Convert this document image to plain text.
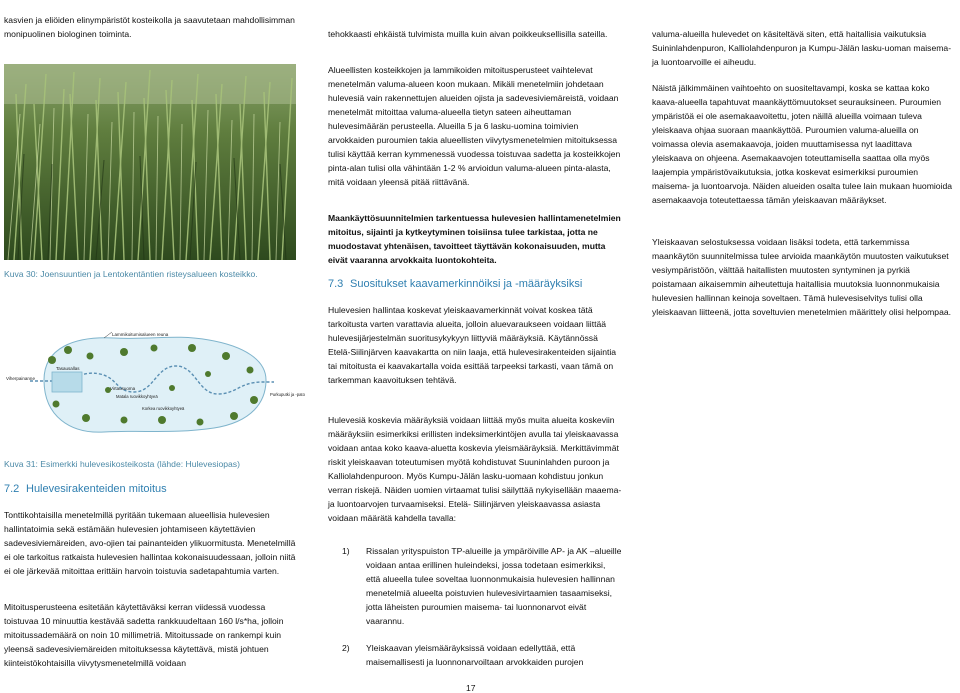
kasvien ja eliöiden elinympäristöt kosteikolla ja saavutetaan mahdollisimman monipuolinen biologinen toiminta.

Kuva 30: Joensuuntien ja Lentokentäntien risteysalueen kosteikko.
Lammikoitumisalueen reuna
Viherpainanne
Tasausallas
Virtausuoma
Matala ruovikkoyhtyeä
Korkea ruovikkoyhtyeä
Purkuputki ja -pato
Kuva 31: Esimerkki hulevesikosteikosta (lähde: Hulevesiopas)
7.2 Hulevesirakenteiden mitoitus

Tonttikohtaisilla menetelmillä pyritään tukemaan alueellisia hulevesien hallintatoimia sekä estämään hulevesien johtamiseen käytettävien sadevesiviemäreiden, avo-ojien tai painanteiden ylikuormitusta. Menetelmillä ei ole tarkoitus ratkaista hulevesien hallintaa kokonaisuudessaan, jolloin niitä ei ole järkevää mitoittaa erittäin harvoin toistuvia sadetapahtumia varten.

Mitoitusperusteena esitetään käytettäväksi kerran viidessä vuodessa toistuvaa 10 minuuttia kestävää sadetta rankkuudeltaan 160 l/s*ha, jolloin mitoitussademäärä on noin 10 millimetriä. Mitoitussade on rankempi kuin yleensä sadevesiviemäreiden mitoituksessa käytettävä, mistä johtuen kiinteistökohtaisilla viivytysmenetelmillä voidaan

tehokkaasti ehkäistä tulvimista muilla kuin aivan poikkeuksellisilla sateilla.

Alueellisten kosteikkojen ja lammikoiden mitoitusperusteet vaihtelevat menetelmän valuma-alueen koon mukaan. Mikäli menetelmiin johdetaan hulevesiä vain rakennettujen alueiden ojista ja sadevesiviemäreistä, voidaan menetelmät mitoittaa valuma-alueella tietyn sateen aiheuttaman hulevesimäärän perusteella. Alueilla 5 ja 6 lasku-uomina toimivien arvokkaiden puroumien takia alueellisten viivytysmenetelmien mitoituksessa tulisi käyttää kerran kymmenessä vuodessa toistuvaa sadetta ja kosteikkojen pinta-alan tulisi olla vähintään 1-2 % arvioidun valuma-alueen pinta-alasta, mitä voidaan yleensä pitää riittävänä.

Maankäyttösuunnitelmien tarkentuessa hulevesien hallintamenetelmien mitoitus, sijainti ja kytkeytyminen toisiinsa tulee tarkistaa, jotta ne muodostavat yhtenäisen, tavoitteet täyttävän kokonaisuuden, mutta eivät vaaranna arvokkaita luontokohteita.

7.3 Suositukset kaavamerkinnöiksi ja -määräyksiksi

Hulevesien hallintaa koskevat yleiskaavamerkinnät voivat koskea tätä tarkoitusta varten varattavia alueita, jolloin aluevaraukseen voidaan liittää hulevesijärjestelmän suoritusykykyyn liittyviä määräyksiä. Käytännössä Etelä-Siilinjärven kaavakartta on niin laaja, että hulevesirakenteiden sijaintia tai mitoitusta ei kaavakartalla voida esittää tarpeeksi tarkasti, vaan tämä on tarkemman kaavoituksen tehtävä.

Hulevesiä koskevia määräyksiä voidaan liittää myös muita alueita koskeviin määräyksiin esimerkiksi erillisten indeksimerkintöjen avulla tai yleiskaavassa voidaan antaa koko kaava-aluetta koskevia yleismääräyksiä. Merkittävimmät riskit yleiskaavan toteutumisen myötä kohdistuvat Suuninlahden puroon ja Kalliolahdenpuroon. Myös Kumpu-Jälän lasku-uomaan kohdistuu jonkun verran riskejä. Näiden uomien virtaamat tulisi säilyttää nykyisellään maaema- ja luontoarvojen turvaamiseksi. Etelä- Siilinjärven yleiskaavassa asiasta voidaan määrätä kahdella tavalla:

1)	Rissalan yrityspuiston TP-alueille ja ympäröiville AP- ja AK –alueille voidaan antaa erillinen huleindeksi, jossa todetaan esimerkiksi, että alueella tulee soveltaa luonnonmukaisia hulevesien hallinnan menetelmiä alueelta poistuvien hulevesivirtaamien tasaamiseksi, jotta läheisten puroumien maisema- tai luonnonarvot eivät vaarannu.
2)	Yleiskaavan yleismääräyksissä voidaan edellyttää, että maisemallisesti ja luonnonarvoiltaan arvokkaiden purojen

valuma-alueilla hulevedet on käsiteltävä siten, että haitallisia vaikutuksia Suininlahdenpuron, Kalliolahdenpuron ja Kumpu-Jälän lasku-uoman maisema- ja luontoarvoille ei aiheudu.

Näistä jälkimmäinen vaihtoehto on suositeltavampi, koska se kattaa koko kaava-alueella tapahtuvat maankäyttömuutokset seurauksineen. Puroumien ympäristöä ei ole asemakaavoitettu, joten näillä alueilla voimaan tuleva yleiskaava ohjaa suoraan maankäyttöä. Puroumien valuma-alueilla on voimassa olevia asemakaavoja, joiden muuttamisessa nyt laadittava yleiskaava on ohjeena. Asemakaavojen toteuttamisella saattaa olla myös laajempia ympäristövaikutuksia, jotka koskevat esimerkiksi puroumien maisema- ja luontoarvoja. Näiden alueiden osalta tulee lain mukaan huomioida asemakaavoja toteutettaessa tämän yleiskaavan määräykset.

Yleiskaavan selostuksessa voidaan lisäksi todeta, että tarkemmissa maankäytön suunnitelmissa tulee arvioida maankäytön muutosten vaikutukset vesiympäristöön, välttää haitallisten muutosten syntyminen ja pyrkiä poistamaan aikaisemmin aiheutettuja haitallisia muutoksia luonnonmukaisia hulevesien hallinnan keinoja soveltaen. Tämä hulevesiselvitys tulisi olla yleiskaavan liitteenä, jotta soveltuvien menetelmien määrittely olisi helpompaa.

17
